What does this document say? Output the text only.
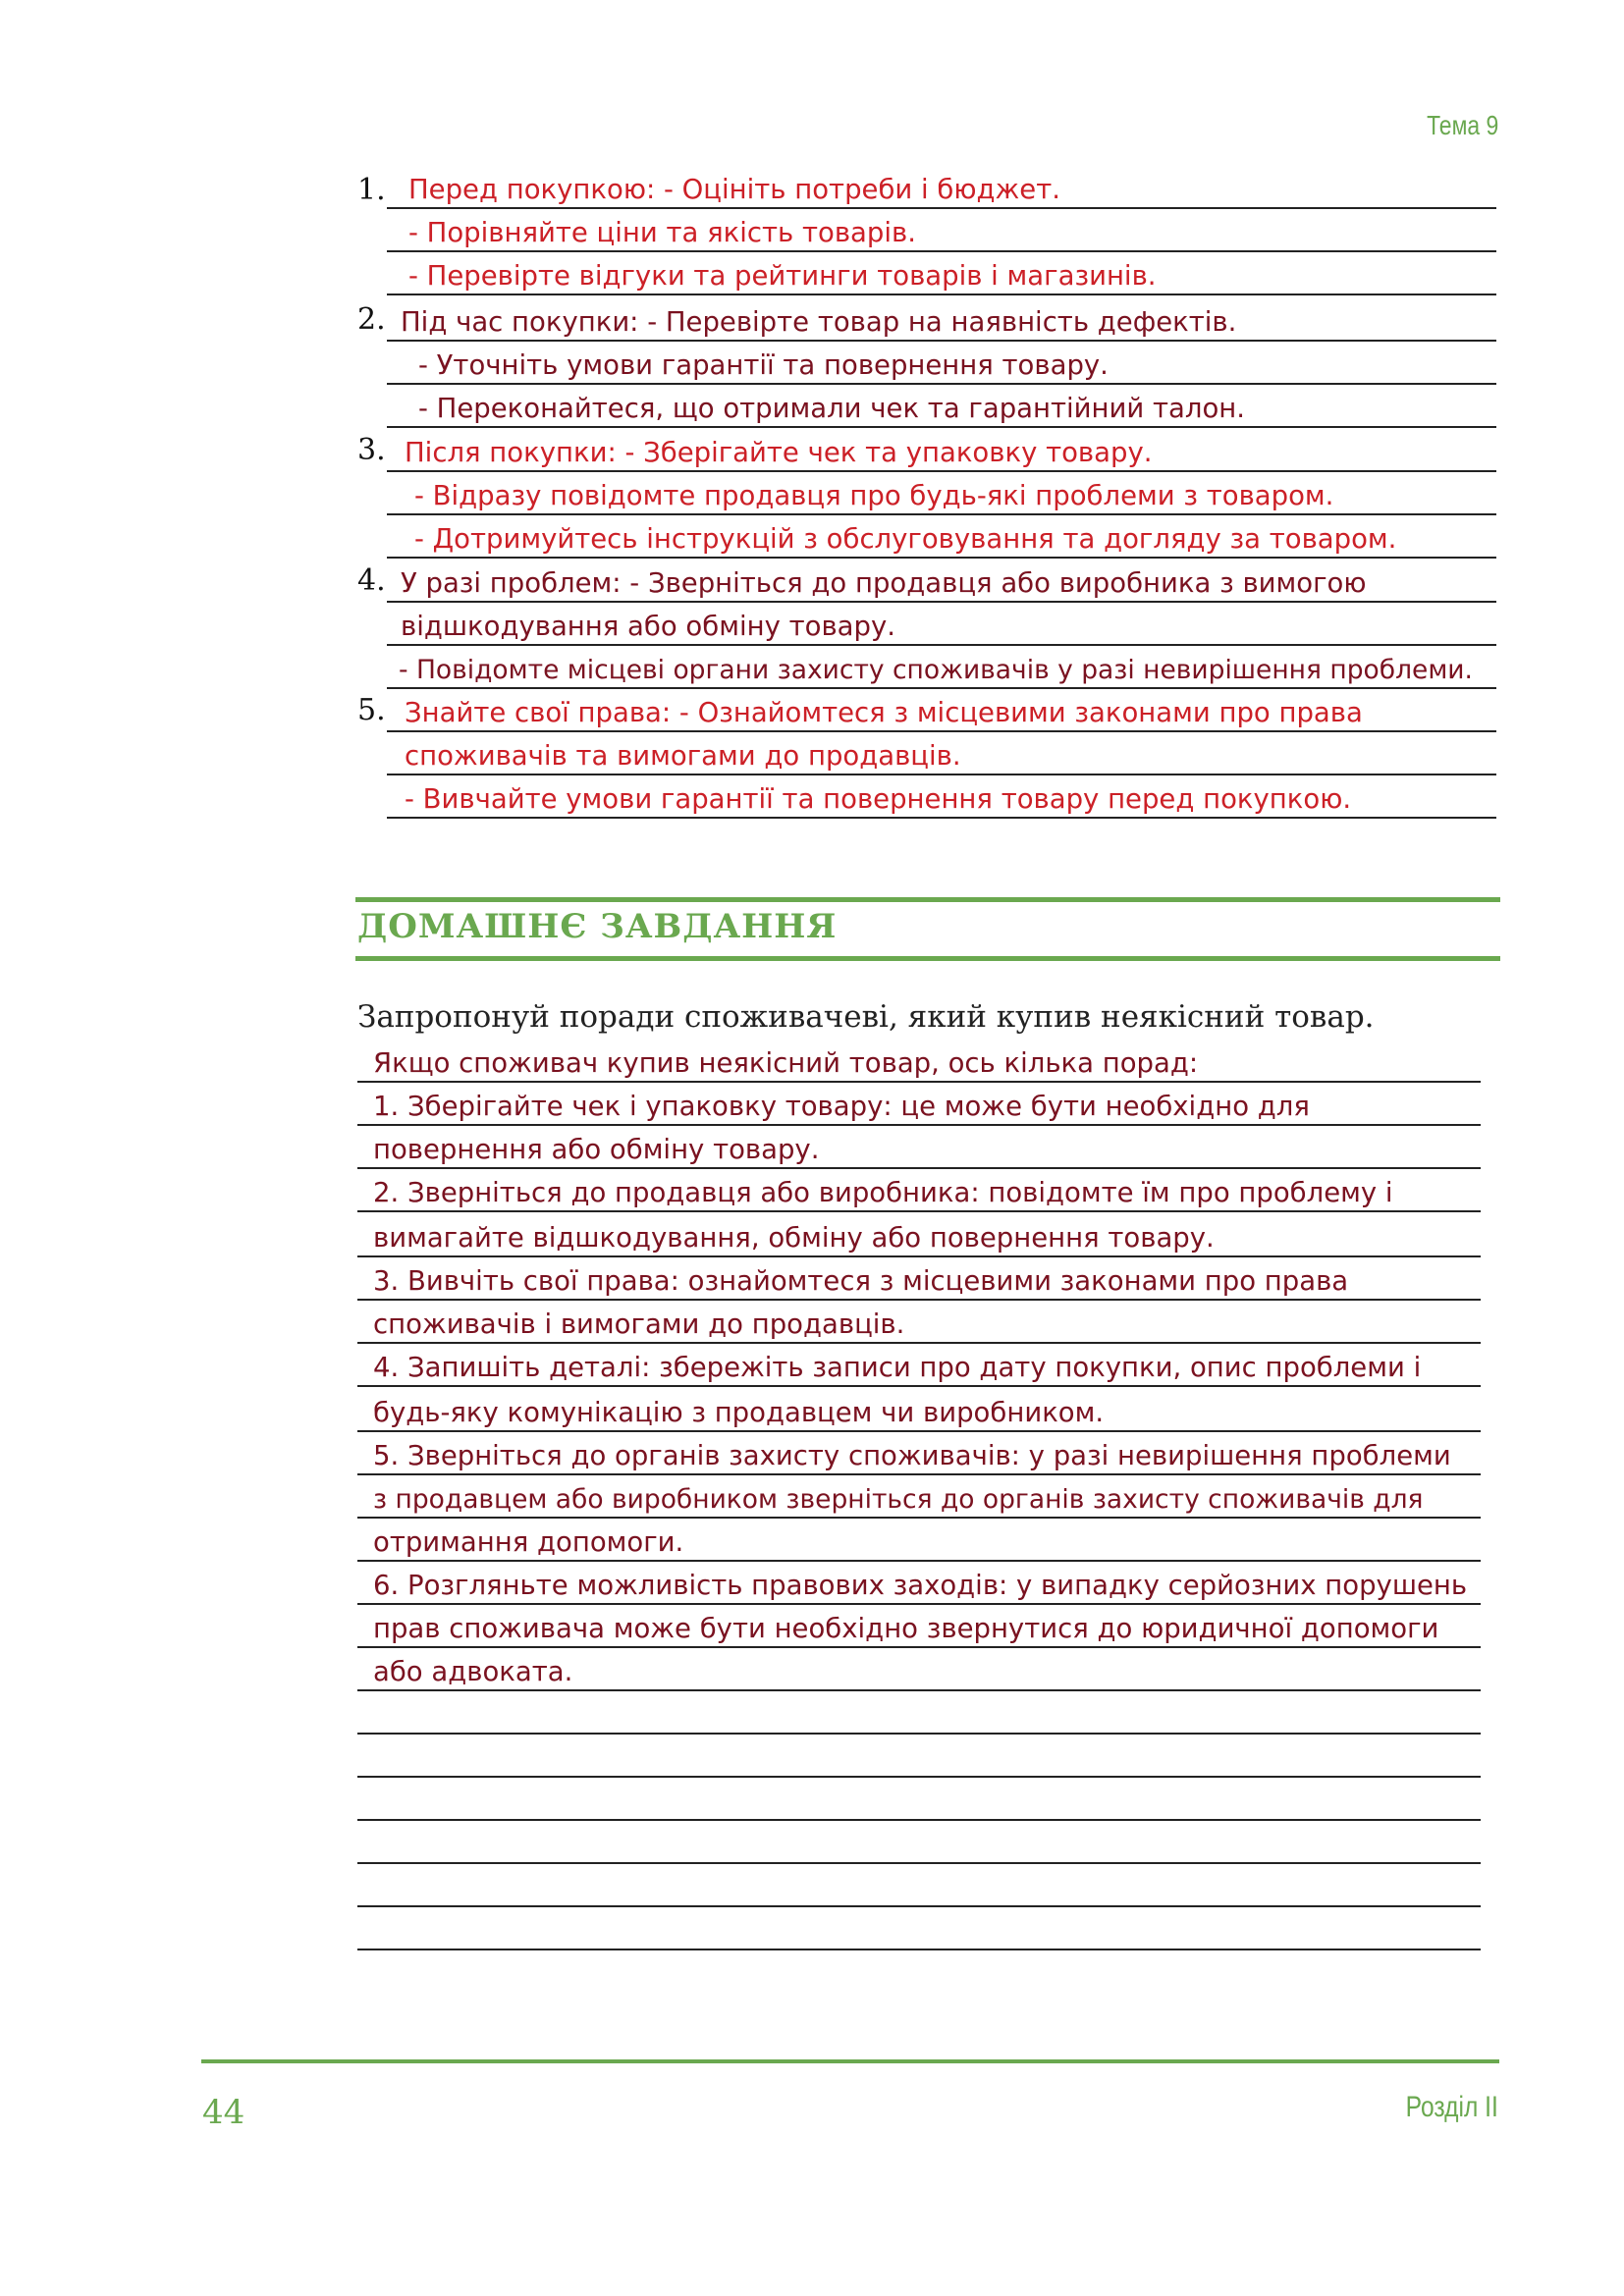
Тема 9
1.
2.
3.
4.
5.
Перед покупкою: - Оцініть потреби і бюджет.
- Порівняйте ціни та якість товарів.
- Перевірте відгуки та рейтинги товарів і магазинів.
Під час покупки: - Перевірте товар на наявність дефектів.
- Уточніть умови гарантії та повернення товару.
- Переконайтеся, що отримали чек та гарантійний талон.
Після покупки: - Зберігайте чек та упаковку товару.
- Відразу повідомте продавця про будь-які проблеми з товаром.
- Дотримуйтесь інструкцій з обслуговування та догляду за товаром.
У разі проблем: - Зверніться до продавця або виробника з вимогою
відшкодування або обміну товару.
- Повідомте місцеві органи захисту споживачів у разі невирішення проблеми.
Знайте свої права: - Ознайомтеся з місцевими законами про права
споживачів та вимогами до продавців.
- Вивчайте умови гарантії та повернення товару перед покупкою.
ДОМАШНЄ ЗАВДАННЯ
Запропонуй поради споживачеві, який купив неякісний товар.
Якщо споживач купив неякісний товар, ось кілька порад:
1. Зберігайте чек і упаковку товару: це може бути необхідно для
повернення або обміну товару.
2. Зверніться до продавця або виробника: повідомте їм про проблему і
вимагайте відшкодування, обміну або повернення товару.
3. Вивчіть свої права: ознайомтеся з місцевими законами про права
споживачів і вимогами до продавців.
4. Запишіть деталі: збережіть записи про дату покупки, опис проблеми і
будь-яку комунікацію з продавцем чи виробником.
5. Зверніться до органів захисту споживачів: у разі невирішення проблеми
з продавцем або виробником зверніться до органів захисту споживачів для
отримання допомоги.
6. Розгляньте можливість правових заходів: у випадку серйозних порушень
прав споживача може бути необхідно звернутися до юридичної допомоги
або адвоката.
44	Розділ II
